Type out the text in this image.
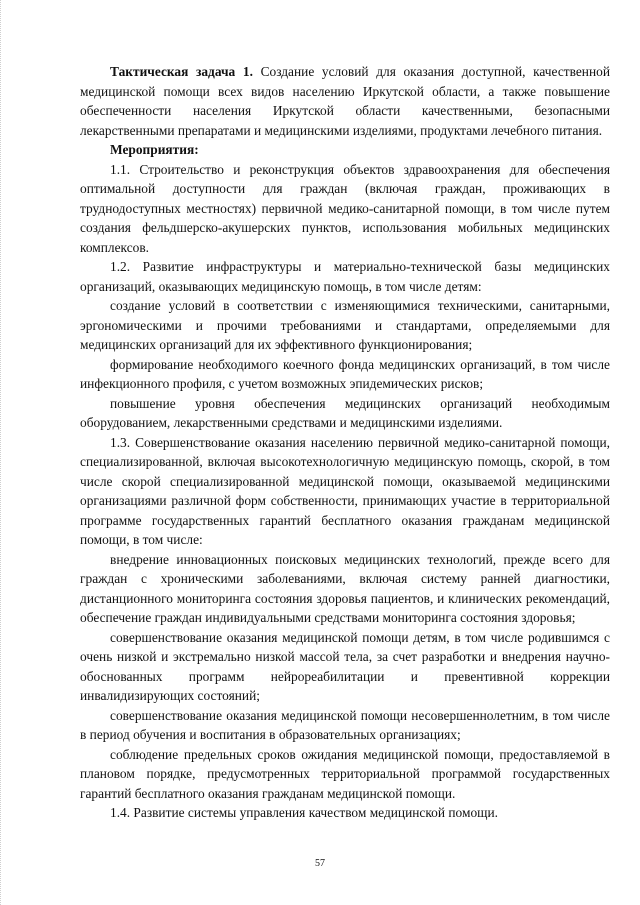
Тактическая задача 1. Создание условий для оказания доступной, качественной медицинской помощи всех видов населению Иркутской области, а также повышение обеспеченности населения Иркутской области качественными, безопасными лекарственными препаратами и медицинскими изделиями, продуктами лечебного питания.

Мероприятия:

1.1. Строительство и реконструкция объектов здравоохранения для обеспечения оптимальной доступности для граждан (включая граждан, проживающих в труднодоступных местностях) первичной медико-санитарной помощи, в том числе путем создания фельдшерско-акушерских пунктов, использования мобильных медицинских комплексов.

1.2. Развитие инфраструктуры и материально-технической базы медицинских организаций, оказывающих медицинскую помощь, в том числе детям:

создание условий в соответствии с изменяющимися техническими, санитарными, эргономическими и прочими требованиями и стандартами, определяемыми для медицинских организаций для их эффективного функционирования;

формирование необходимого коечного фонда медицинских организаций, в том числе инфекционного профиля, с учетом возможных эпидемических рисков;

повышение уровня обеспечения медицинских организаций необходимым оборудованием, лекарственными средствами и медицинскими изделиями.

1.3. Совершенствование оказания населению первичной медико-санитарной помощи, специализированной, включая высокотехнологичную медицинскую помощь, скорой, в том числе скорой специализированной медицинской помощи, оказываемой медицинскими организациями различной форм собственности, принимающих участие в территориальной программе государственных гарантий бесплатного оказания гражданам медицинской помощи, в том числе:

внедрение инновационных поисковых медицинских технологий, прежде всего для граждан с хроническими заболеваниями, включая систему ранней диагностики, дистанционного мониторинга состояния здоровья пациентов, и клинических рекомендаций, обеспечение граждан индивидуальными средствами мониторинга состояния здоровья;

совершенствование оказания медицинской помощи детям, в том числе родившимся с очень низкой и экстремально низкой массой тела, за счет разработки и внедрения научно-обоснованных программ нейрореабилитации и превентивной коррекции инвалидизирующих состояний;

совершенствование оказания медицинской помощи несовершеннолетним, в том числе в период обучения и воспитания в образовательных организациях;

соблюдение предельных сроков ожидания медицинской помощи, предоставляемой в плановом порядке, предусмотренных территориальной программой государственных гарантий бесплатного оказания гражданам медицинской помощи.

1.4. Развитие системы управления качеством медицинской помощи.

57
